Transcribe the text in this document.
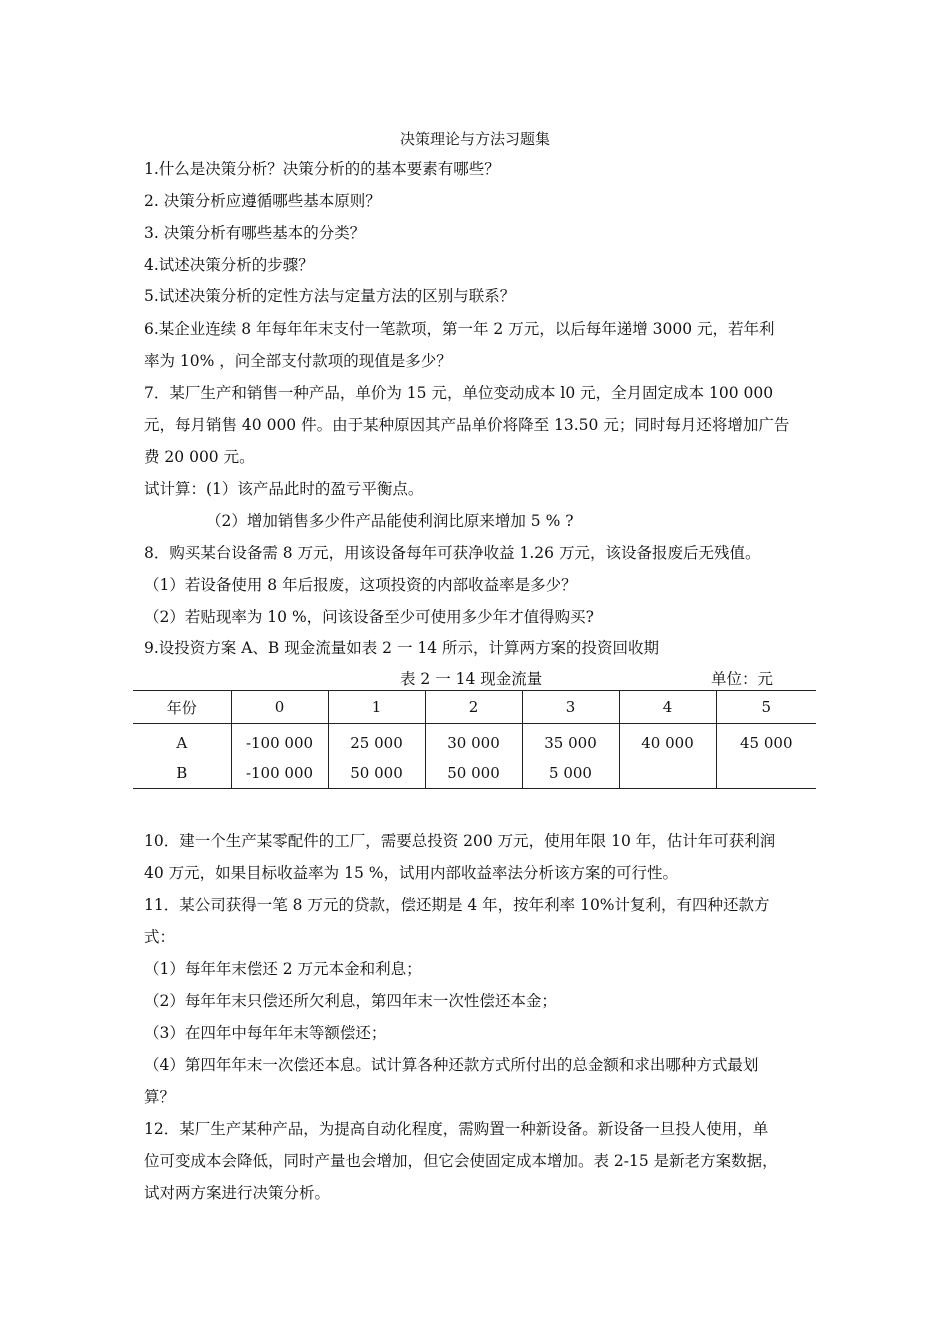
决策理论与方法习题集
1.什么是决策分析？决策分析的的基本要素有哪些？
2. 决策分析应遵循哪些基本原则？
3. 决策分析有哪些基本的分类？
4.试述决策分析的步骤？
5.试述决策分析的定性方法与定量方法的区别与联系？
6.某企业连续 8 年每年年末支付一笔款项，第一年 2 万元，以后每年递增 3000 元，若年利
率为 10% ，问全部支付款项的现值是多少？
7．某厂生产和销售一种产品，单价为 15 元，单位变动成本 l0 元，全月固定成本 100 000
元，每月销售 40 000 件。由于某种原因其产品单价将降至 13.50 元；同时每月还将增加广告
费 20 000 元。
试计算：(1）该产品此时的盈亏平衡点。
（2）增加销售多少件产品能使利润比原来增加 5 % ?
8．购买某台设备需 8 万元，用该设备每年可获净收益 1.26 万元，该设备报废后无残值。
（1）若设备使用 8 年后报废，这项投资的内部收益率是多少？
（2）若贴现率为 10 %，问该设备至少可使用多少年才值得购买?
9.设投资方案 A、B 现金流量如表 2 一 14 所示，计算两方案的投资回收期
表 2 一 14 现金流量	单位：元
年份	0	1	2	3	4	5
A	-100 000	25 000	30 000	35 000	40 000	45 000
B	-100 000	50 000	50 000	5 000		
10．建一个生产某零配件的工厂，需要总投资 200 万元，使用年限 10 年，估计年可获利润
40 万元，如果目标收益率为 15 %，试用内部收益率法分析该方案的可行性。
11．某公司获得一笔 8 万元的贷款，偿还期是 4 年，按年利率 10%计复利，有四种还款方
式：
（1）每年年末偿还 2 万元本金和利息；
（2）每年年末只偿还所欠利息，第四年末一次性偿还本金；
（3）在四年中每年年末等额偿还；
（4）第四年年末一次偿还本息。试计算各种还款方式所付出的总金额和求出哪种方式最划
算？
12．某厂生产某种产品，为提高自动化程度，需购置一种新设备。新设备一旦投人使用，单
位可变成本会降低，同时产量也会增加，但它会使固定成本增加。表 2-15 是新老方案数据，
试对两方案进行决策分析。
